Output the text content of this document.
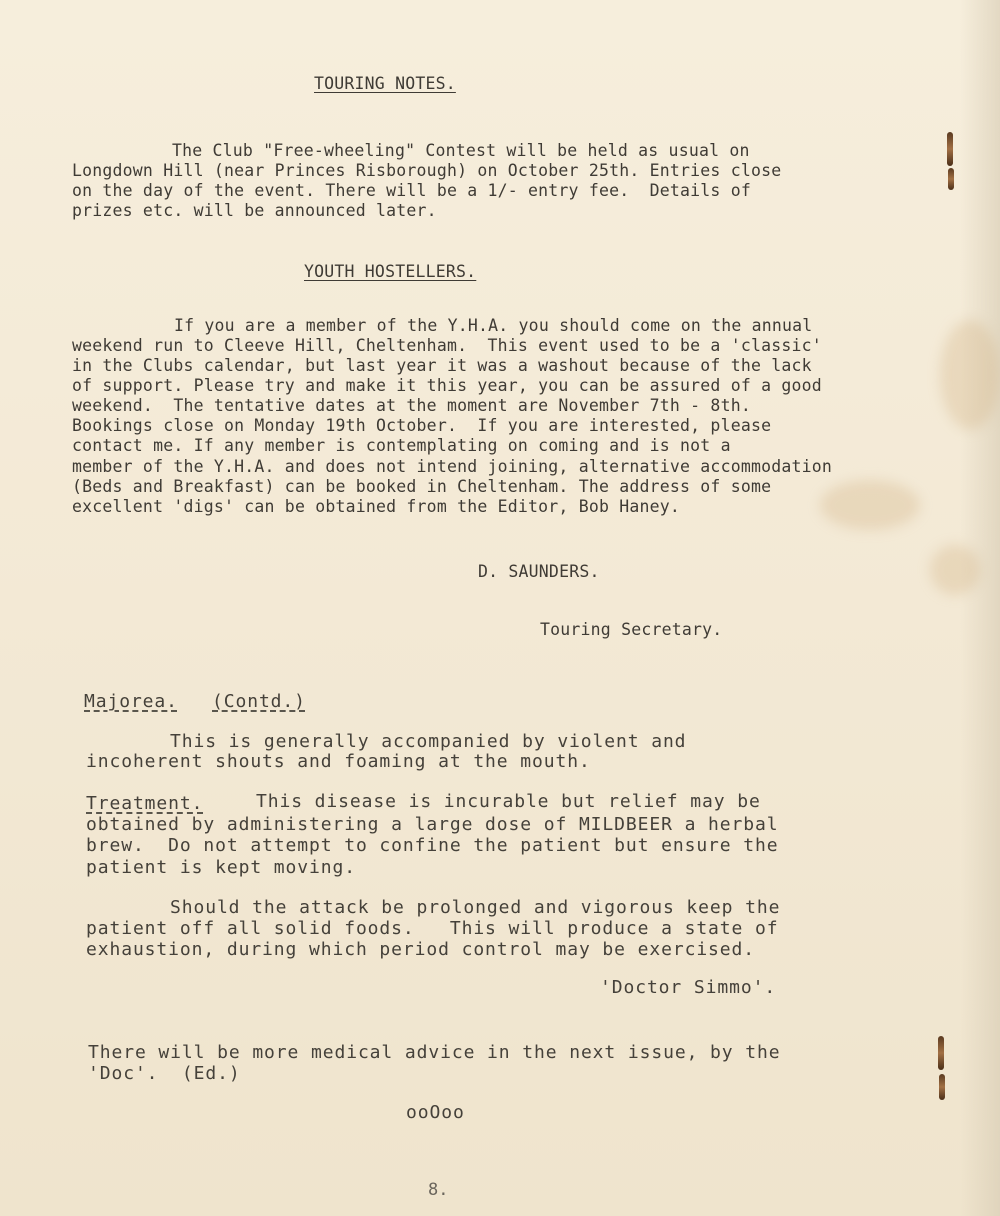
TOURING NOTES.
The Club "Free-wheeling" Contest will be held as usual on
Longdown Hill (near Princes Risborough) on October 25th. Entries close
on the day of the event. There will be a 1/- entry fee.  Details of
prizes etc. will be announced later.
YOUTH HOSTELLERS.
If you are a member of the Y.H.A. you should come on the annual
weekend run to Cleeve Hill, Cheltenham.  This event used to be a 'classic'
in the Clubs calendar, but last year it was a washout because of the lack
of support. Please try and make it this year, you can be assured of a good
weekend.  The tentative dates at the moment are November 7th - 8th.
Bookings close on Monday 19th October.  If you are interested, please
contact me. If any member is contemplating on coming and is not a
member of the Y.H.A. and does not intend joining, alternative accommodation
(Beds and Breakfast) can be booked in Cheltenham. The address of some
excellent 'digs' can be obtained from the Editor, Bob Haney.
D. SAUNDERS.
Touring Secretary.
Majorea. (Contd.)
This is generally accompanied by violent and
incoherent shouts and foaming at the mouth.
Treatment.	This disease is incurable but relief may be
obtained by administering a large dose of MILDBEER a herbal
brew.  Do not attempt to confine the patient but ensure the
patient is kept moving.
Should the attack be prolonged and vigorous keep the
patient off all solid foods.   This will produce a state of
exhaustion, during which period control may be exercised.
'Doctor Simmo'.
There will be more medical advice in the next issue, by the
'Doc'.  (Ed.)
ooOoo
8.
